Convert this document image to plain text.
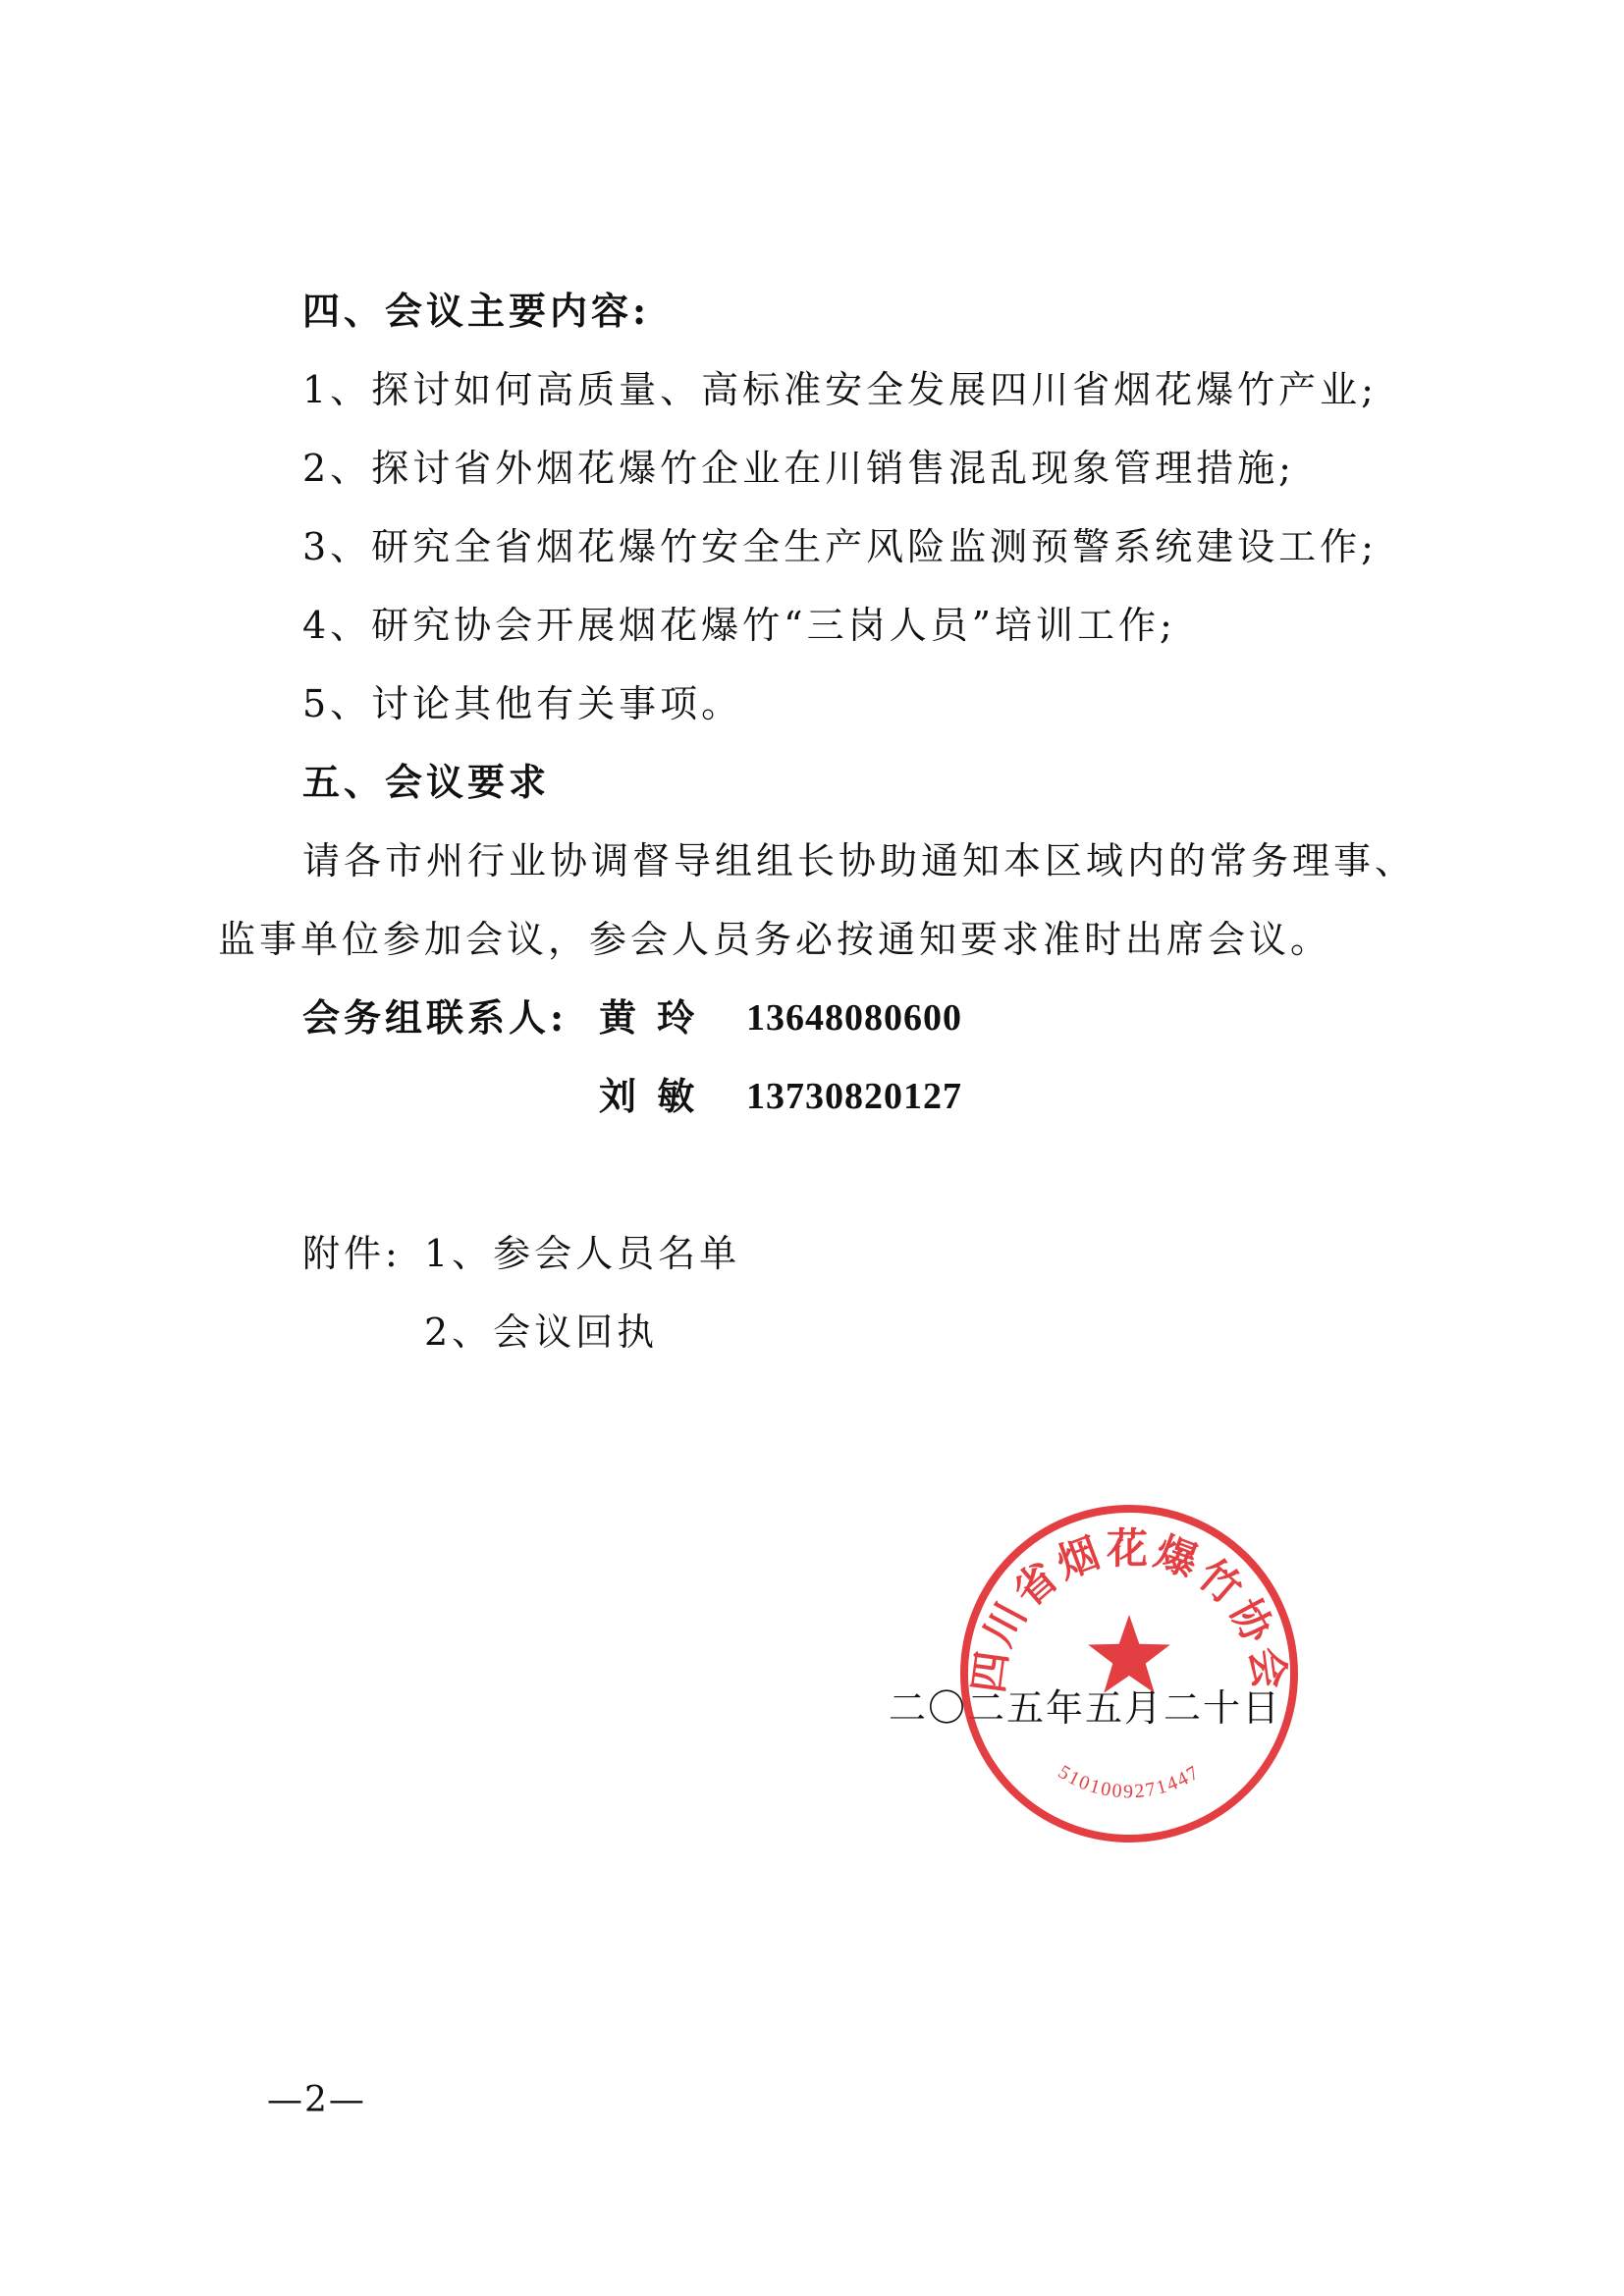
四、会议主要内容:
1、探讨如何高质量、高标准安全发展四川省烟花爆竹产业;
2、探讨省外烟花爆竹企业在川销售混乱现象管理措施;
3、研究全省烟花爆竹安全生产风险监测预警系统建设工作;
4、研究协会开展烟花爆竹“三岗人员”培训工作;
5、讨论其他有关事项。
五、会议要求
请各市州行业协调督导组组长协助通知本区域内的常务理事、
监事单位参加会议，参会人员务必按通知要求准时出席会议。
会务组联系人: 黄 玲 13648080600
刘 敏 13730820127
附件: 1、参会人员名单
2、会议回执
二〇二五年五月二十日
四川省烟花爆竹协会
5101009271447
—2—
